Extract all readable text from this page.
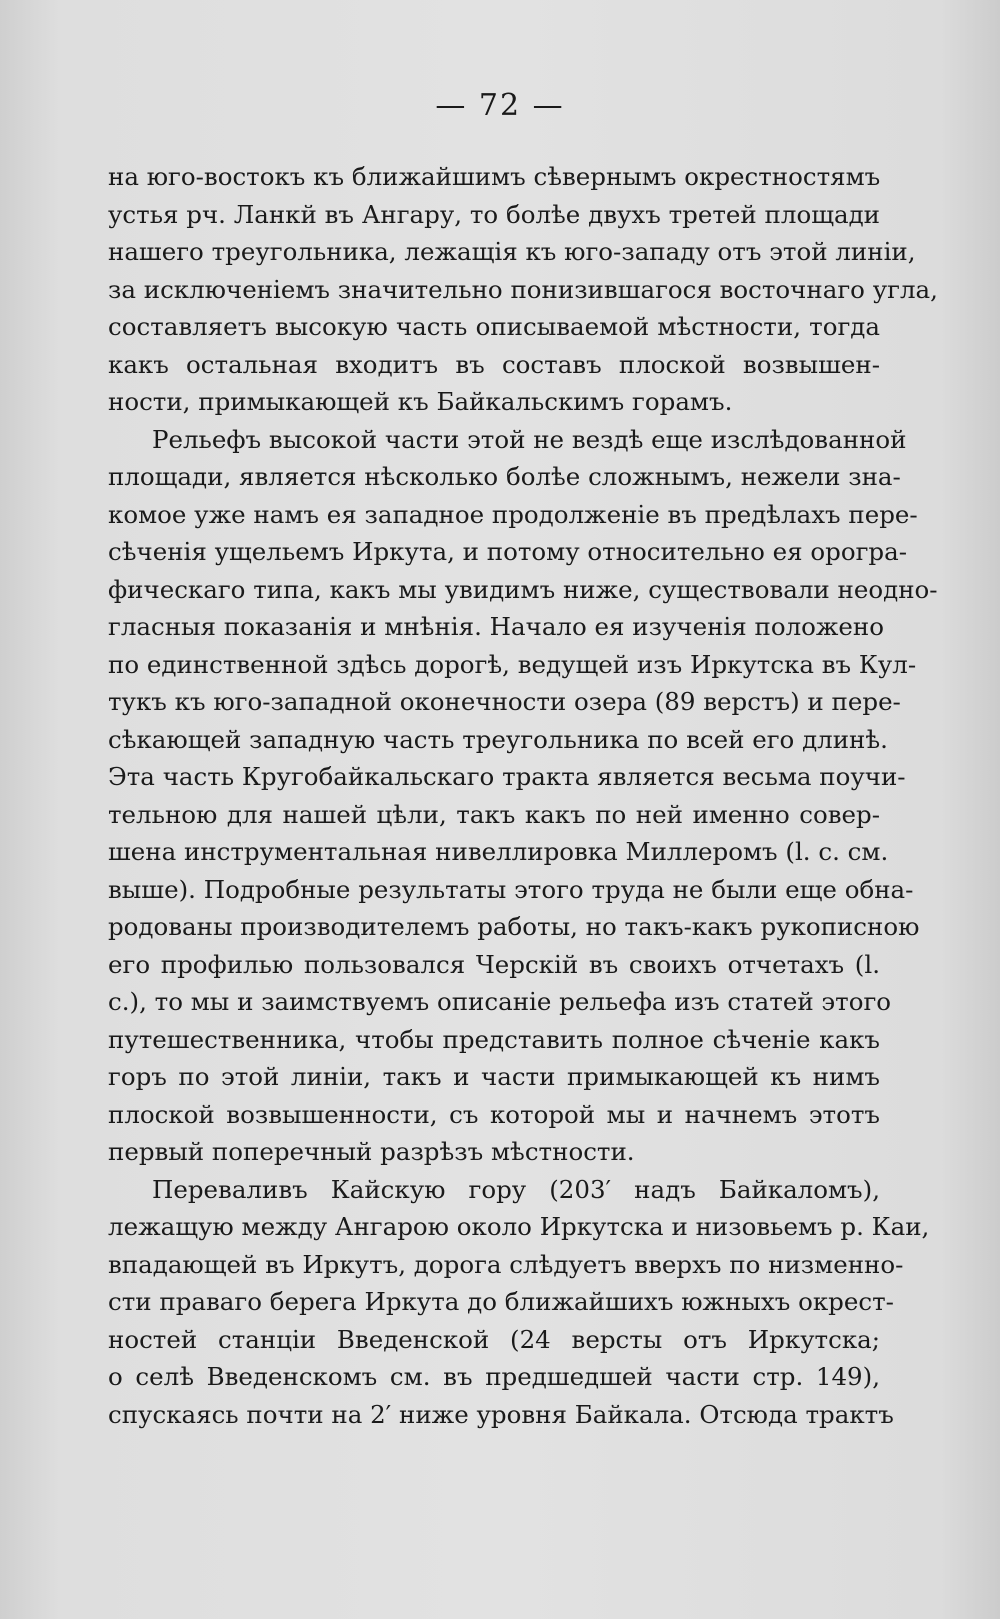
— 72 —
на юго-востокъ къ ближайшимъ сѣвернымъ окрестностямъ
устья рч. Ланкй въ Ангару, то болѣе двухъ третей площади
нашего треугольника, лежащія къ юго-западу отъ этой линіи,
за исключеніемъ значительно понизившагося восточнаго угла,
составляетъ высокую часть описываемой мѣстности, тогда
какъ остальная входитъ въ составъ плоской возвышен-
ности, примыкающей къ Байкальскимъ горамъ.
Рельефъ высокой части этой не вездѣ еще изслѣдованной
площади, является нѣсколько болѣе сложнымъ, нежели зна-
комое уже намъ ея западное продолженіе въ предѣлахъ пере-
сѣченія ущельемъ Иркута, и потому относительно ея орогра-
фическаго типа, какъ мы увидимъ ниже, существовали неодно-
гласныя показанія и мнѣнія. Начало ея изученія положено
по единственной здѣсь дорогѣ, ведущей изъ Иркутска въ Кул-
тукъ къ юго-западной оконечности озера (89 верстъ) и пере-
сѣкающей западную часть треугольника по всей его длинѣ.
Эта часть Кругобайкальскаго тракта является весьма поучи-
тельною для нашей цѣли, такъ какъ по ней именно совер-
шена инструментальная нивеллировка Миллеромъ (l. c. см.
выше). Подробные результаты этого труда не были еще обна-
родованы производителемъ работы, но такъ-какъ рукописною
его профилью пользовался Черскій въ своихъ отчетахъ (l.
c.), то мы и заимствуемъ описаніе рельефа изъ статей этого
путешественника, чтобы представить полное сѣченіе какъ
горъ по этой линіи, такъ и части примыкающей къ нимъ
плоской возвышенности, съ которой мы и начнемъ этотъ
первый поперечный разрѣзъ мѣстности.
Переваливъ Кайскую гору (203′ надъ Байкаломъ),
лежащую между Ангарою около Иркутска и низовьемъ р. Каи,
впадающей въ Иркутъ, дорога слѣдуетъ вверхъ по низменно-
сти праваго берега Иркута до ближайшихъ южныхъ окрест-
ностей станціи Введенской (24 версты отъ Иркутска;
о селѣ Введенскомъ см. въ предшедшей части стр. 149),
спускаясь почти на 2′ ниже уровня Байкала. Отсюда трактъ
